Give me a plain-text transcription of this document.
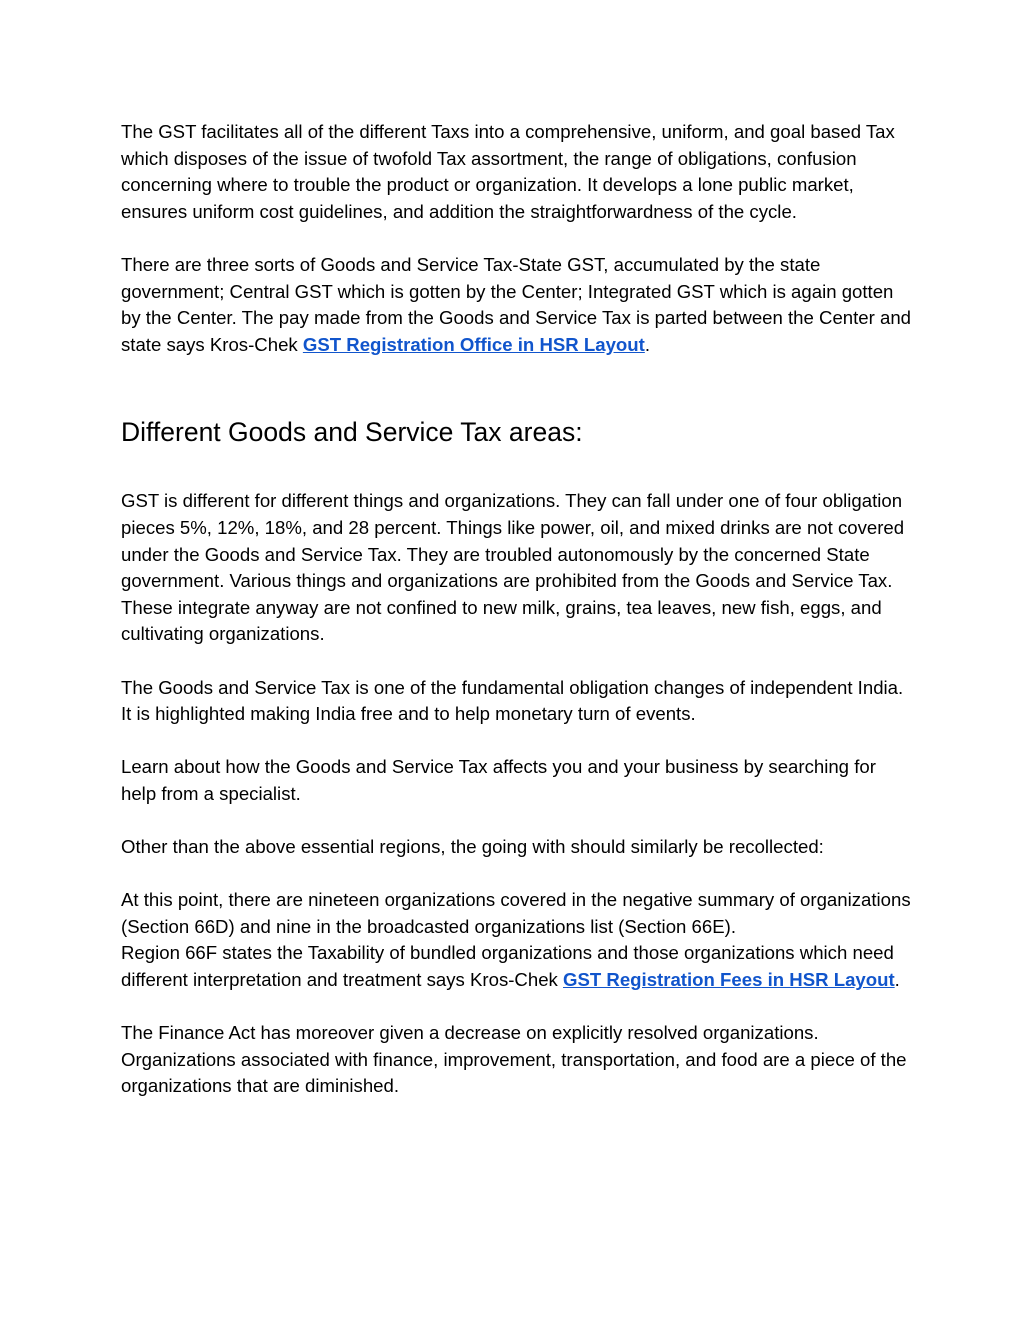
The GST facilitates all of the different Taxs into a comprehensive, uniform, and goal based Tax which disposes of the issue of twofold Tax assortment, the range of obligations, confusion concerning where to trouble the product or organization. It develops a lone public market, ensures uniform cost guidelines, and addition the straightforwardness of the cycle.

There are three sorts of Goods and Service Tax-State GST, accumulated by the state government; Central GST which is gotten by the Center; Integrated GST which is again gotten by the Center. The pay made from the Goods and Service Tax is parted between the Center and state says Kros-Chek GST Registration Office in HSR Layout.

Different Goods and Service Tax areas:

GST is different for different things and organizations. They can fall under one of four obligation pieces 5%, 12%, 18%, and 28 percent. Things like power, oil, and mixed drinks are not covered under the Goods and Service Tax. They are troubled autonomously by the concerned State government. Various things and organizations are prohibited from the Goods and Service Tax. These integrate anyway are not confined to new milk, grains, tea leaves, new fish, eggs, and cultivating organizations.

The Goods and Service Tax is one of the fundamental obligation changes of independent India. It is highlighted making India free and to help monetary turn of events.

Learn about how the Goods and Service Tax affects you and your business by searching for help from a specialist.

Other than the above essential regions, the going with should similarly be recollected:

At this point, there are nineteen organizations covered in the negative summary of organizations (Section 66D) and nine in the broadcasted organizations list (Section 66E).

Region 66F states the Taxability of bundled organizations and those organizations which need different interpretation and treatment says Kros-Chek GST Registration Fees in HSR Layout.

The Finance Act has moreover given a decrease on explicitly resolved organizations. Organizations associated with finance, improvement, transportation, and food are a piece of the organizations that are diminished.
